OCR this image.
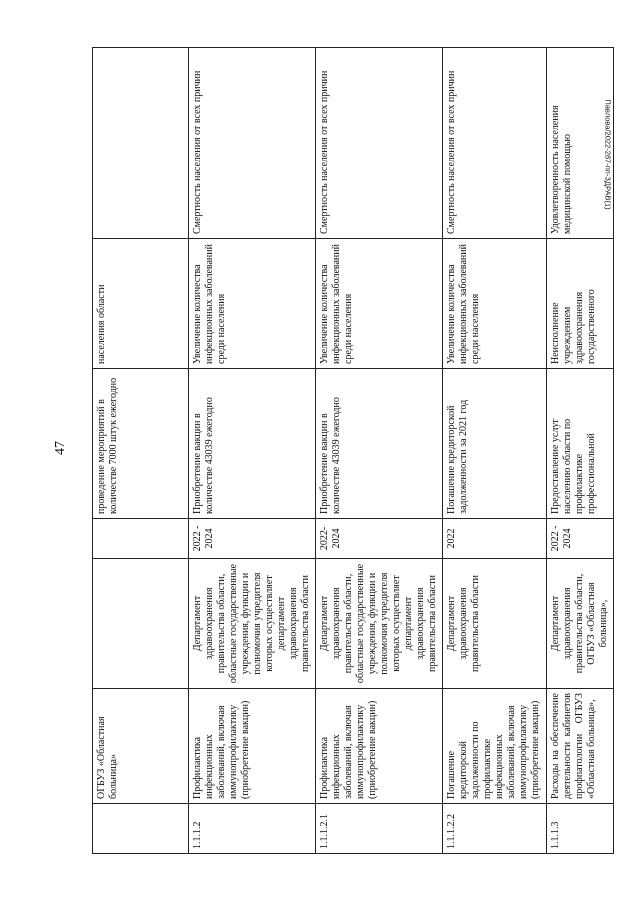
47
	ОГБУЗ «Областная больница»			проведение мероприятий в количестве 7000 штук ежегодно	населения области	
1.1.1.2	Профилактика инфекционных заболеваний, включая иммунопрофилактику (приобретение вакцин)	Департамент здравоохранения правительства области, областные государственные учреждения, функции и полномочия учредителя которых осуществляет департамент здравоохранения правительства области	2022 - 2024	Приобретение вакцин в количестве 43039 ежегодно	Увеличение количества инфекционных заболеваний среди населения	Смертность населения от всех причин
1.1.1.2.1	Профилактика инфекционных заболеваний, включая иммунопрофилактику (приобретение вакцин)	Департамент здравоохранения правительства области, областные государственные учреждения, функции и полномочия учредителя которых осуществляет департамент здравоохранения правительства области	2022-2024	Приобретение вакцин в количестве 43039 ежегодно	Увеличение количества инфекционных заболеваний среди населения	Смертность населения от всех причин
1.1.1.2.2	Погашение кредиторской задолженности по профилактике инфекционных заболеваний, включая иммунопрофилактику (приобретение вакцин)	Департамент здравоохранения правительства области	2022	Погашение кредиторской задолженности за 2021 год	Увеличение количества инфекционных заболеваний среди населения	Смертность населения от всех причин
1.1.1.3	Расходы на обеспечение деятельности кабинетов профпатологии ОГБУЗ «Областная больница»,	Департамент здравоохранения правительства области, ОГБУЗ «Областная больница»,	2022 - 2024	Предоставление услуг населению области по профилактике профессиональной	Неисполнение учреждением здравоохранения государственного	Удовлетворенность населения медицинской помощью	Павлова/2022-287-пп-ЗДРАВ(1)
